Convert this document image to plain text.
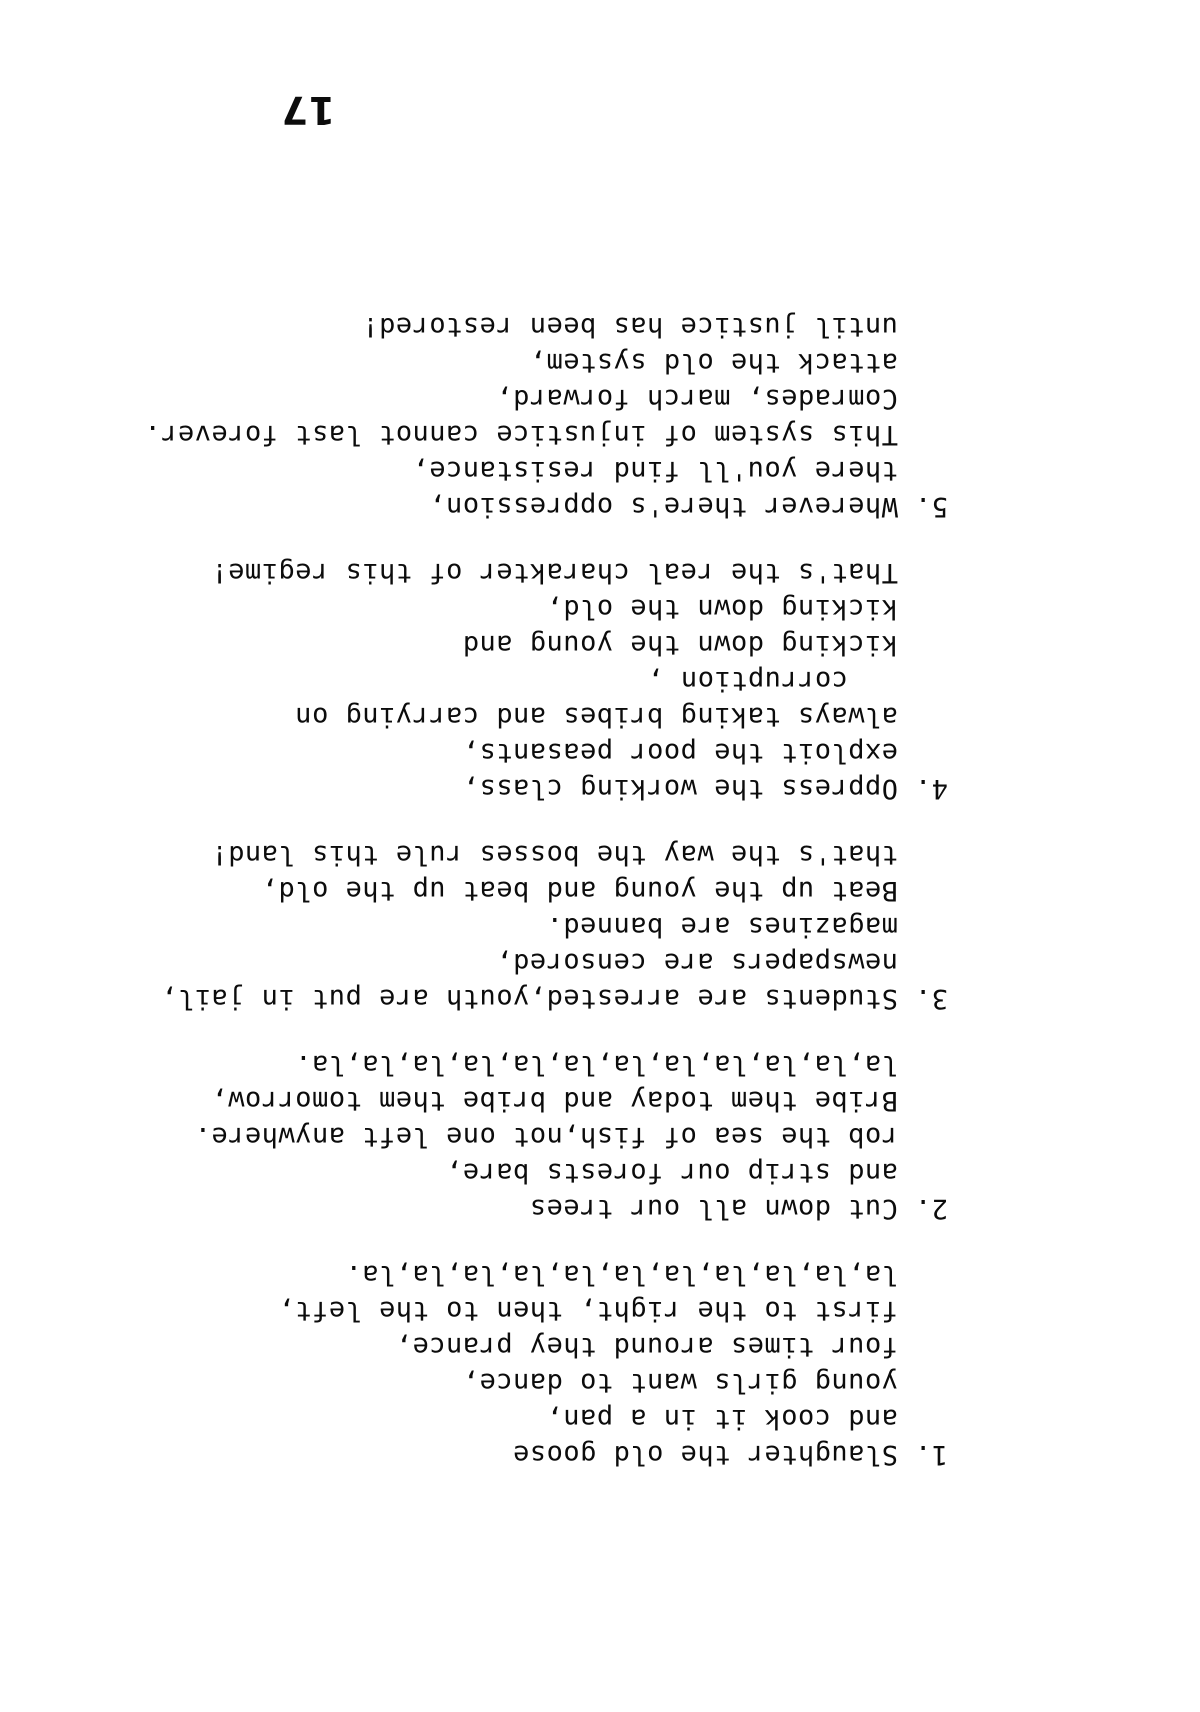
17
1.Slaughter the old goose
and cook it in a pan,
young girls want to dance,
four times around they prance,
first to the right, then to the left,
la,la,la,la,la,la,la,la,la,la,la.
2.Cut down all our trees
and strip our forests bare,
rob the sea of fish,not one left anywhere.
Bribe them today and bribe them tomorrow,
la,la,la,la,la,la,la,la,la,la,la,la.
3.Students are arrested,youth are put in jail,
newspapers are censored,
magazines are banned.
Beat up the young and beat up the old,
that's the way the bosses rule this land!
4.Oppress the working class,
exploit the poor peasants,
always taking bribes and carrying on
corruption ,
kicking down the young and
kicking down the old,
That's the real charakter of this regime!
5.Wherever there's oppression,
there you'll find resistance,
This system of injustice cannot last forever.
Comrades, march forward,
attack the old system,
until justice has been restored!
